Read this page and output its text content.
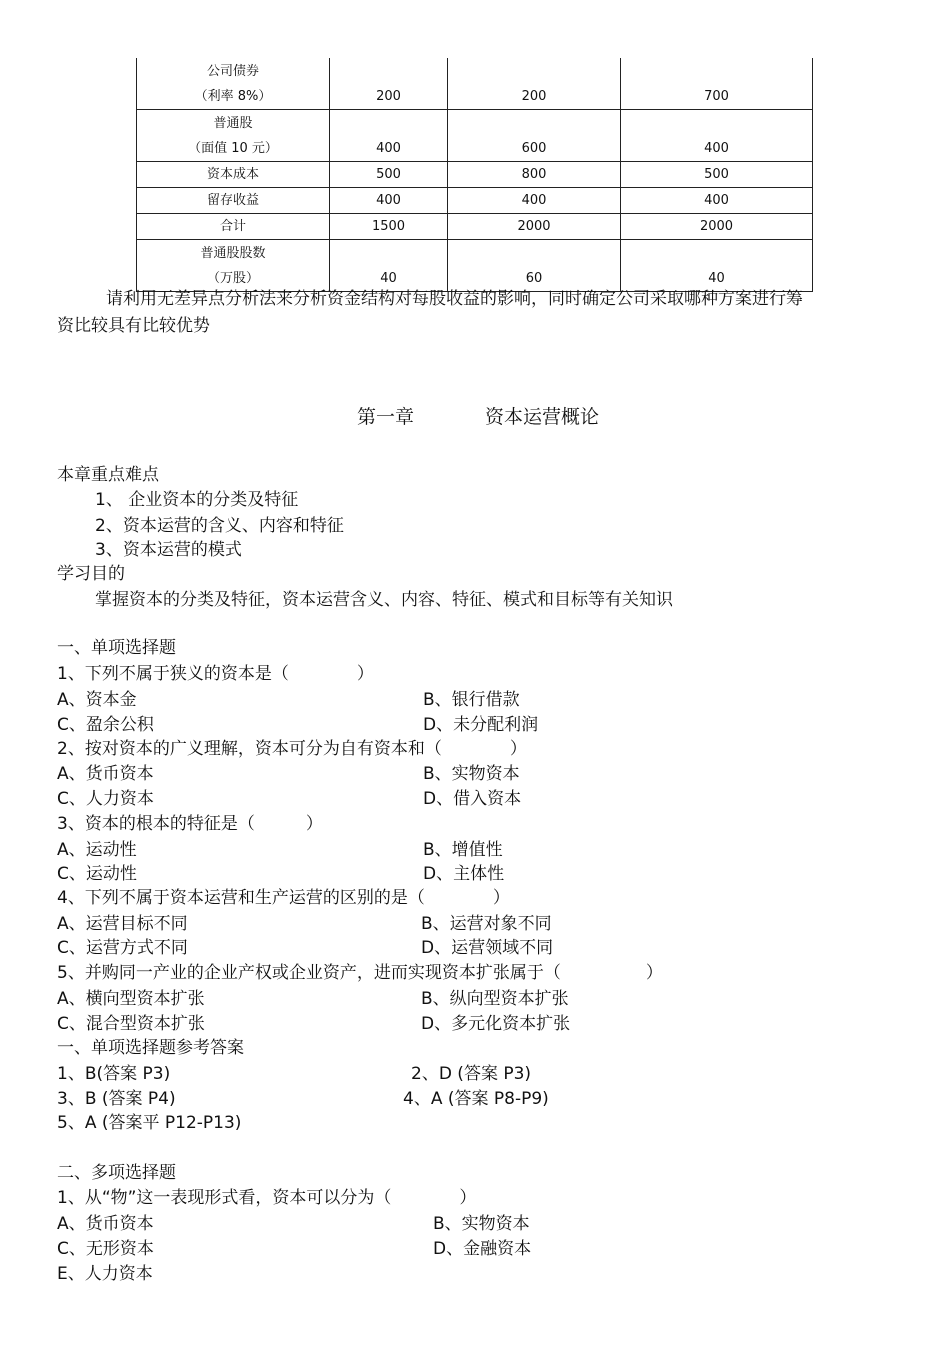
公司债券
（利率 8%）	200	200	700

普通股
（面值 10 元）	400	600	400
资本成本	500	800	500
留存收益	400	400	400
合计	1500	2000	2000

普通股股数
（万股）	40	60	40
请利用无差异点分析法来分析资金结构对每股收益的影响，同时确定公司采取哪种方案进行筹
资比较具有比较优势
第一章	资本运营概论
本章重点难点
1、 企业资本的分类及特征
2、资本运营的含义、内容和特征
3、资本运营的模式
学习目的
掌握资本的分类及特征，资本运营含义、内容、特征、模式和目标等有关知识
一、单项选择题
1、下列不属于狭义的资本是（　　　　）
A、资本金	B、银行借款
C、盈余公积	D、未分配利润
2、按对资本的广义理解，资本可分为自有资本和（　　　　）
A、货币资本	B、实物资本
C、人力资本	D、借入资本
3、资本的根本的特征是（　　　）
A、运动性	B、增值性
C、运动性	D、主体性
4、下列不属于资本运营和生产运营的区别的是（　　　　）
A、运营目标不同	B、运营对象不同
C、运营方式不同	D、运营领域不同
5、并购同一产业的企业产权或企业资产，进而实现资本扩张属于（　　　　　）
A、横向型资本扩张	B、纵向型资本扩张
C、混合型资本扩张	D、多元化资本扩张
一、单项选择题参考答案
1、B(答案 P3)	2、D (答案 P3)
3、B (答案 P4)	4、A (答案 P8-P9)
5、A (答案平 P12-P13)
二、多项选择题
1、从“物”这一表现形式看，资本可以分为（　　　　）
A、货币资本	B、实物资本
C、无形资本	D、金融资本
E、人力资本
